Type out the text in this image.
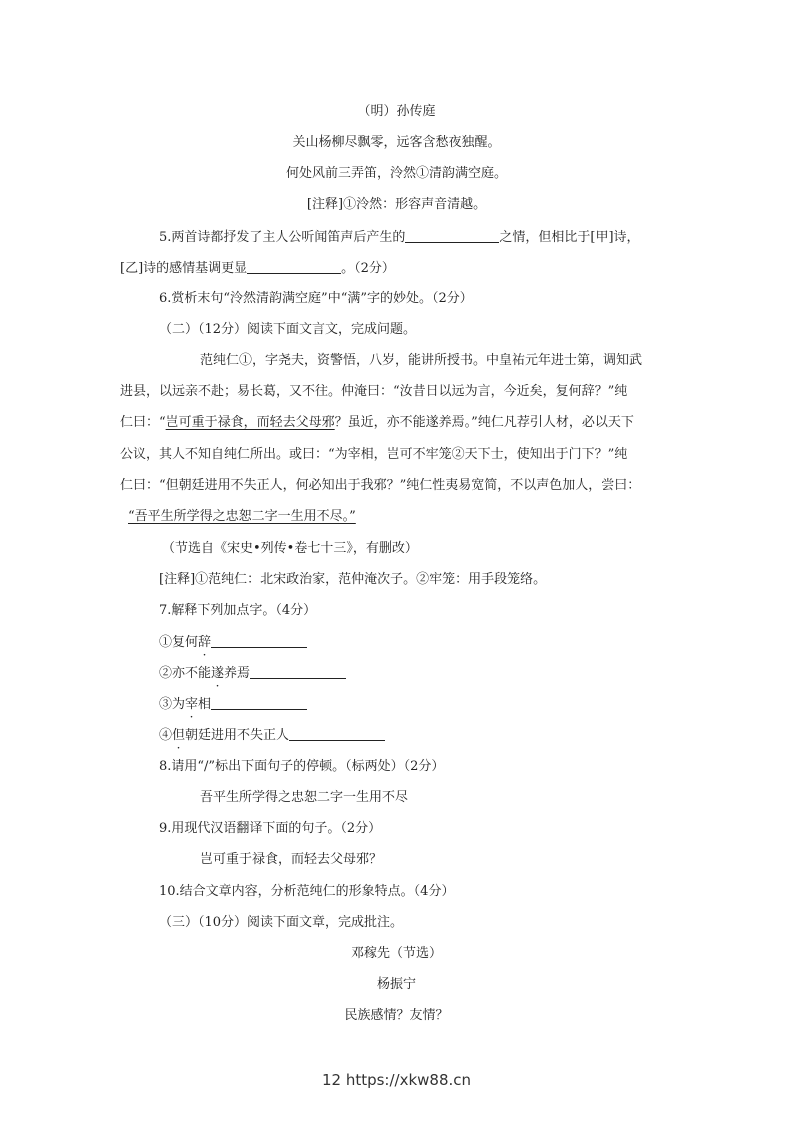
（明）孙传庭
关山杨柳尽飘零，远客含愁夜独醒。
何处风前三弄笛，泠然①清韵满空庭。
[注释]①泠然：形容声音清越。
5.两首诗都抒发了主人公听闻笛声后产生的	之情，但相比于[甲]诗，
[乙]诗的感情基调更显	。（2分）
6.赏析末句“泠然清韵满空庭”中“满”字的妙处。（2分）
（二）（12分）阅读下面文言文，完成问题。
范纯仁①，字尧夫，资警悟，八岁，能讲所授书。中皇祐元年进士第，调知武
进县，以远亲不赴；易长葛，又不往。仲淹曰：“汝昔日以远为言，今近矣，复何辞？”纯
仁曰：“岂可重于禄食，而轻去父母邪？虽近，亦不能遂养焉。”纯仁凡荐引人材，必以天下
公议，其人不知自纯仁所出。或曰：“为宰相，岂可不牢笼②天下士，使知出于门下？”纯
仁曰：“但朝廷进用不失正人，何必知出于我邪？”纯仁性夷易宽简，不以声色加人，尝曰：
“吾平生所学得之忠恕二字一生用不尽。”
（节选自《宋史•列传•卷七十三》，有删改）
[注释]①范纯仁：北宋政治家，范仲淹次子。②牢笼：用手段笼络。
7.解释下列加点字。（4分）
①复何辞
②亦不能遂养焉
③为宰相
④但朝廷进用不失正人
8.请用“/”标出下面句子的停顿。（标两处）（2分）
吾平生所学得之忠恕二字一生用不尽
9.用现代汉语翻译下面的句子。（2分）
岂可重于禄食，而轻去父母邪？
10.结合文章内容，分析范纯仁的形象特点。（4分）
（三）（10分）阅读下面文章，完成批注。
邓稼先（节选）
杨振宁
民族感情？友情？
12 https://xkw88.cn
